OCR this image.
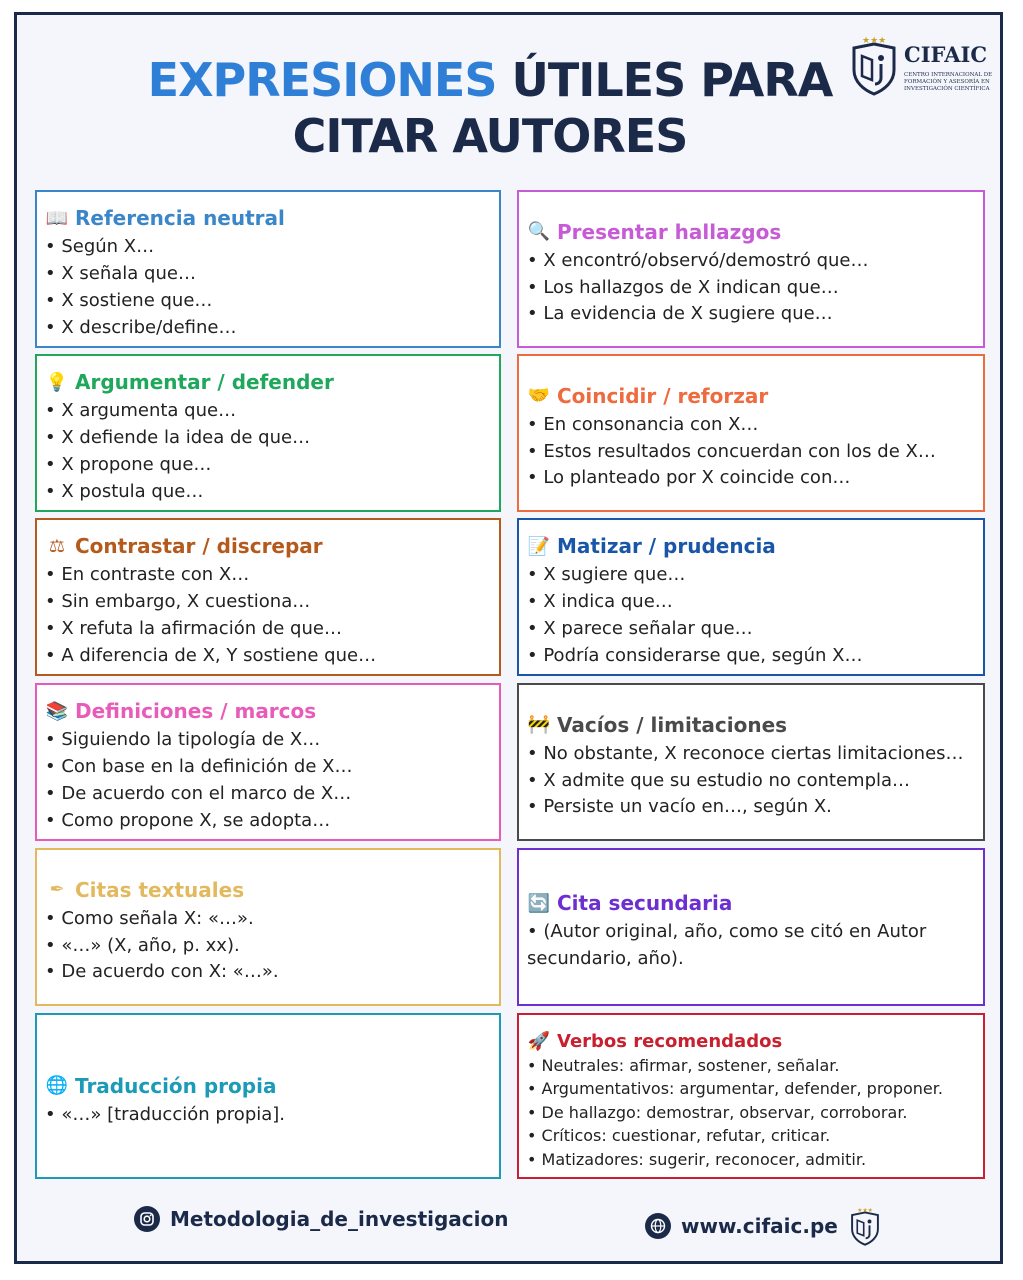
EXPRESIONES ÚTILES PARA
CITAR AUTORES
★★★
CIFAIC
CENTRO INTERNACIONAL DE FORMACIÓN Y ASESORÍA EN INVESTIGACIÓN CIENTÍFICA
📖 Referencia neutral
• Según X…
• X señala que…
• X sostiene que…
• X describe/define…
💡 Argumentar / defender
• X argumenta que…
• X defiende la idea de que…
• X propone que…
• X postula que…
⚖ Contrastar / discrepar
• En contraste con X…
• Sin embargo, X cuestiona…
• X refuta la afirmación de que…
• A diferencia de X, Y sostiene que…
📚 Definiciones / marcos
• Siguiendo la tipología de X…
• Con base en la definición de X…
• De acuerdo con el marco de X…
• Como propone X, se adopta…
✒ Citas textuales
• Como señala X: «…».
• «…» (X, año, p. xx).
• De acuerdo con X: «…».
🌐 Traducción propia
• «…» [traducción propia].
🔍 Presentar hallazgos
• X encontró/observó/demostró que…
• Los hallazgos de X indican que…
• La evidencia de X sugiere que…
🤝 Coincidir / reforzar
• En consonancia con X…
• Estos resultados concuerdan con los de X…
• Lo planteado por X coincide con…
📝 Matizar / prudencia
• X sugiere que…
• X indica que…
• X parece señalar que…
• Podría considerarse que, según X…
🚧 Vacíos / limitaciones
• No obstante, X reconoce ciertas limitaciones…
• X admite que su estudio no contempla…
• Persiste un vacío en…, según X.
🔄 Cita secundaria
• (Autor original, año, como se citó en Autor secundario, año).
🚀 Verbos recomendados
• Neutrales: afirmar, sostener, señalar.
• Argumentativos: argumentar, defender, proponer.
• De hallazgo: demostrar, observar, corroborar.
• Críticos: cuestionar, refutar, criticar.
• Matizadores: sugerir, reconocer, admitir.
Metodologia_de_investigacion	www.cifaic.pe
★★★
